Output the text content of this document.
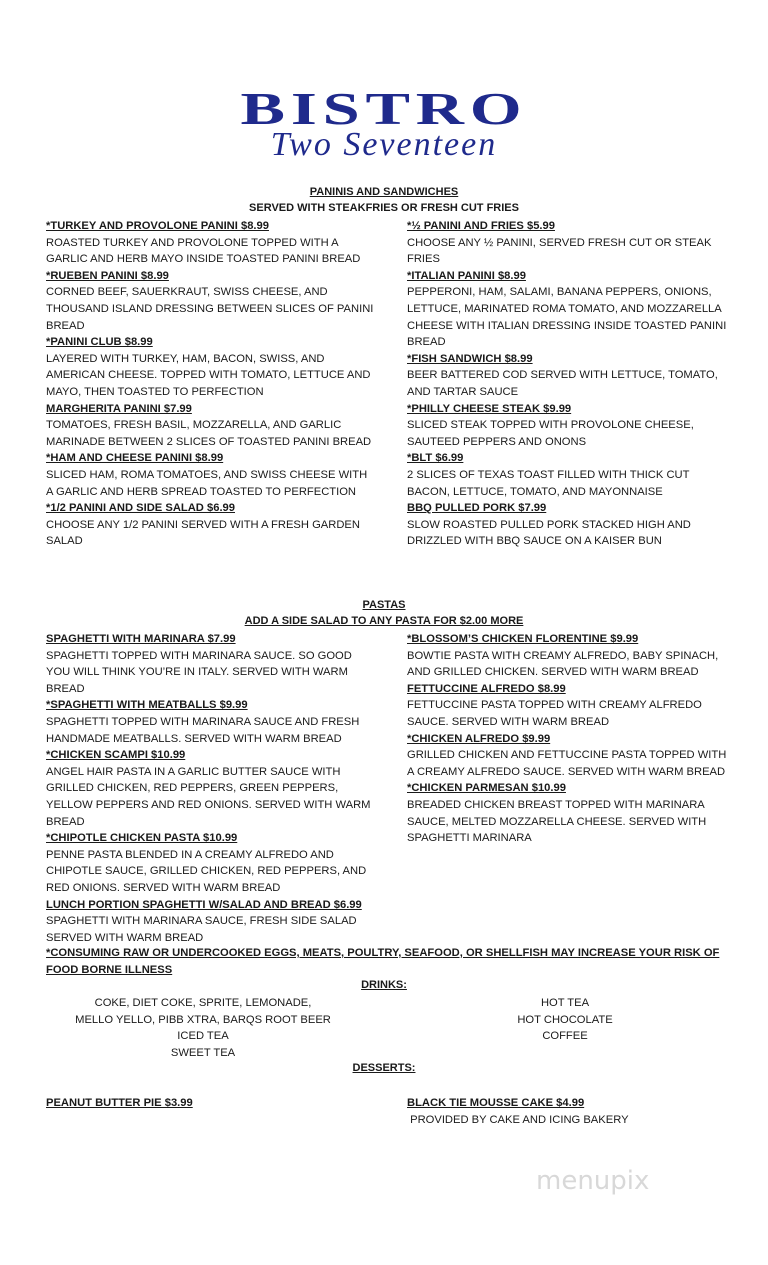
BISTRO
Two Seventeen
PANINIS AND SANDWICHES
SERVED WITH STEAKFRIES OR FRESH CUT FRIES

*TURKEY AND PROVOLONE PANINI $8.99

ROASTED TURKEY AND PROVOLONE TOPPED WITH A GARLIC AND HERB MAYO INSIDE TOASTED PANINI BREAD

*RUEBEN PANINI $8.99

CORNED BEEF, SAUERKRAUT, SWISS CHEESE, AND THOUSAND ISLAND DRESSING BETWEEN SLICES OF PANINI BREAD

*PANINI CLUB $8.99

LAYERED WITH TURKEY, HAM, BACON, SWISS, AND AMERICAN CHEESE. TOPPED WITH TOMATO, LETTUCE AND MAYO, THEN TOASTED TO PERFECTION

MARGHERITA PANINI $7.99

TOMATOES, FRESH BASIL, MOZZARELLA, AND GARLIC MARINADE BETWEEN 2 SLICES OF TOASTED PANINI BREAD

*HAM AND CHEESE PANINI $8.99

SLICED HAM, ROMA TOMATOES, AND SWISS CHEESE WITH A GARLIC AND HERB SPREAD TOASTED TO PERFECTION

*1/2 PANINI AND SIDE SALAD $6.99

CHOOSE ANY 1/2 PANINI SERVED WITH A FRESH GARDEN SALAD

*½ PANINI AND FRIES $5.99

CHOOSE ANY ½ PANINI, SERVED FRESH CUT OR STEAK FRIES

*ITALIAN PANINI $8.99

PEPPERONI, HAM, SALAMI, BANANA PEPPERS, ONIONS, LETTUCE, MARINATED ROMA TOMATO, AND MOZZARELLA CHEESE WITH ITALIAN DRESSING INSIDE TOASTED PANINI BREAD

*FISH SANDWICH $8.99

BEER BATTERED COD SERVED WITH LETTUCE, TOMATO, AND TARTAR SAUCE

*PHILLY CHEESE STEAK $9.99

SLICED STEAK TOPPED WITH PROVOLONE CHEESE, SAUTEED PEPPERS AND ONONS

*BLT $6.99

2 SLICES OF TEXAS TOAST FILLED WITH THICK CUT BACON, LETTUCE, TOMATO, AND MAYONNAISE

BBQ PULLED PORK $7.99

SLOW ROASTED PULLED PORK STACKED HIGH AND DRIZZLED WITH BBQ SAUCE ON A KAISER BUN

PASTAS
ADD A SIDE SALAD TO ANY PASTA FOR $2.00 MORE

SPAGHETTI WITH MARINARA $7.99

SPAGHETTI TOPPED WITH MARINARA SAUCE. SO GOOD YOU WILL THINK YOU’RE IN ITALY. SERVED WITH WARM BREAD

*SPAGHETTI WITH MEATBALLS $9.99

SPAGHETTI TOPPED WITH MARINARA SAUCE AND FRESH HANDMADE MEATBALLS. SERVED WITH WARM BREAD

*CHICKEN SCAMPI $10.99

ANGEL HAIR PASTA IN A GARLIC BUTTER SAUCE WITH GRILLED CHICKEN, RED PEPPERS, GREEN PEPPERS, YELLOW PEPPERS AND RED ONIONS. SERVED WITH WARM BREAD

*CHIPOTLE CHICKEN PASTA $10.99

PENNE PASTA BLENDED IN A CREAMY ALFREDO AND CHIPOTLE SAUCE, GRILLED CHICKEN, RED PEPPERS, AND RED ONIONS. SERVED WITH WARM BREAD

LUNCH PORTION SPAGHETTI W/SALAD AND BREAD $6.99

SPAGHETTI WITH MARINARA SAUCE, FRESH SIDE SALAD SERVED WITH WARM BREAD

*BLOSSOM’S CHICKEN FLORENTINE $9.99

BOWTIE PASTA WITH CREAMY ALFREDO, BABY SPINACH, AND GRILLED CHICKEN. SERVED WITH WARM BREAD

FETTUCCINE ALFREDO $8.99

FETTUCCINE PASTA TOPPED WITH CREAMY ALFREDO SAUCE. SERVED WITH WARM BREAD

*CHICKEN ALFREDO $9.99

GRILLED CHICKEN AND FETTUCCINE PASTA TOPPED WITH A CREAMY ALFREDO SAUCE. SERVED WITH WARM BREAD

*CHICKEN PARMESAN $10.99

BREADED CHICKEN BREAST TOPPED WITH MARINARA SAUCE, MELTED MOZZARELLA CHEESE. SERVED WITH SPAGHETTI MARINARA

*CONSUMING RAW OR UNDERCOOKED EGGS, MEATS, POULTRY, SEAFOOD, OR SHELLFISH MAY INCREASE YOUR RISK OF FOOD BORNE ILLNESS
DRINKS:
COKE, DIET COKE, SPRITE, LEMONADE,
MELLO YELLO, PIBB XTRA, BARQS ROOT BEER
ICED TEA
SWEET TEA
HOT TEA
HOT CHOCOLATE
COFFEE
DESSERTS:
PEANUT BUTTER PIE $3.99	BLACK TIE MOUSSE CAKE $4.99
PROVIDED BY CAKE AND ICING BAKERY
menupix
